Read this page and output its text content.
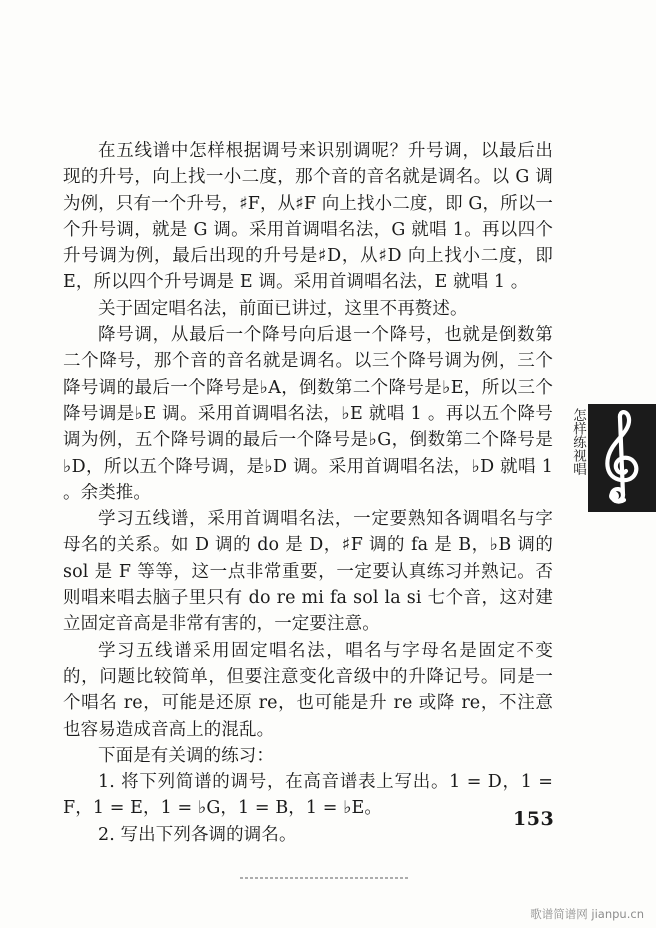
在五线谱中怎样根据调号来识别调呢？升号调，以最后出现的升号，向上找一小二度，那个音的音名就是调名。以 G 调为例，只有一个升号，♯F，从♯F 向上找小二度，即 G，所以一个升号调，就是 G 调。采用首调唱名法，G 就唱 1。再以四个升号调为例，最后出现的升号是♯D，从♯D 向上找小二度，即 E，所以四个升号调是 E 调。采用首调唱名法，E 就唱 1 。

关于固定唱名法，前面已讲过，这里不再赘述。

降号调，从最后一个降号向后退一个降号，也就是倒数第二个降号，那个音的音名就是调名。以三个降号调为例，三个降号调的最后一个降号是♭A，倒数第二个降号是♭E，所以三个降号调是♭E 调。采用首调唱名法，♭E 就唱 1 。再以五个降号调为例，五个降号调的最后一个降号是♭G，倒数第二个降号是♭D，所以五个降号调，是♭D 调。采用首调唱名法，♭D 就唱 1 。余类推。

学习五线谱，采用首调唱名法，一定要熟知各调唱名与字母名的关系。如 D 调的 do 是 D，♯F 调的 fa 是 B，♭B 调的 sol 是 F 等等，这一点非常重要，一定要认真练习并熟记。否则唱来唱去脑子里只有 do re mi fa sol la si 七个音，这对建立固定音高是非常有害的，一定要注意。

学习五线谱采用固定唱名法，唱名与字母名是固定不变的，问题比较简单，但要注意变化音级中的升降记号。同是一个唱名 re，可能是还原 re，也可能是升 re 或降 re，不注意也容易造成音高上的混乱。

下面是有关调的练习：

1. 将下列简谱的调号，在高音谱表上写出。1 = D，1 = F，1 = E，1 = ♭G，1 = B，1 = ♭E。

2. 写出下列各调的调名。

怎样练视唱
153
歌谱简谱网 jianpu.cn
